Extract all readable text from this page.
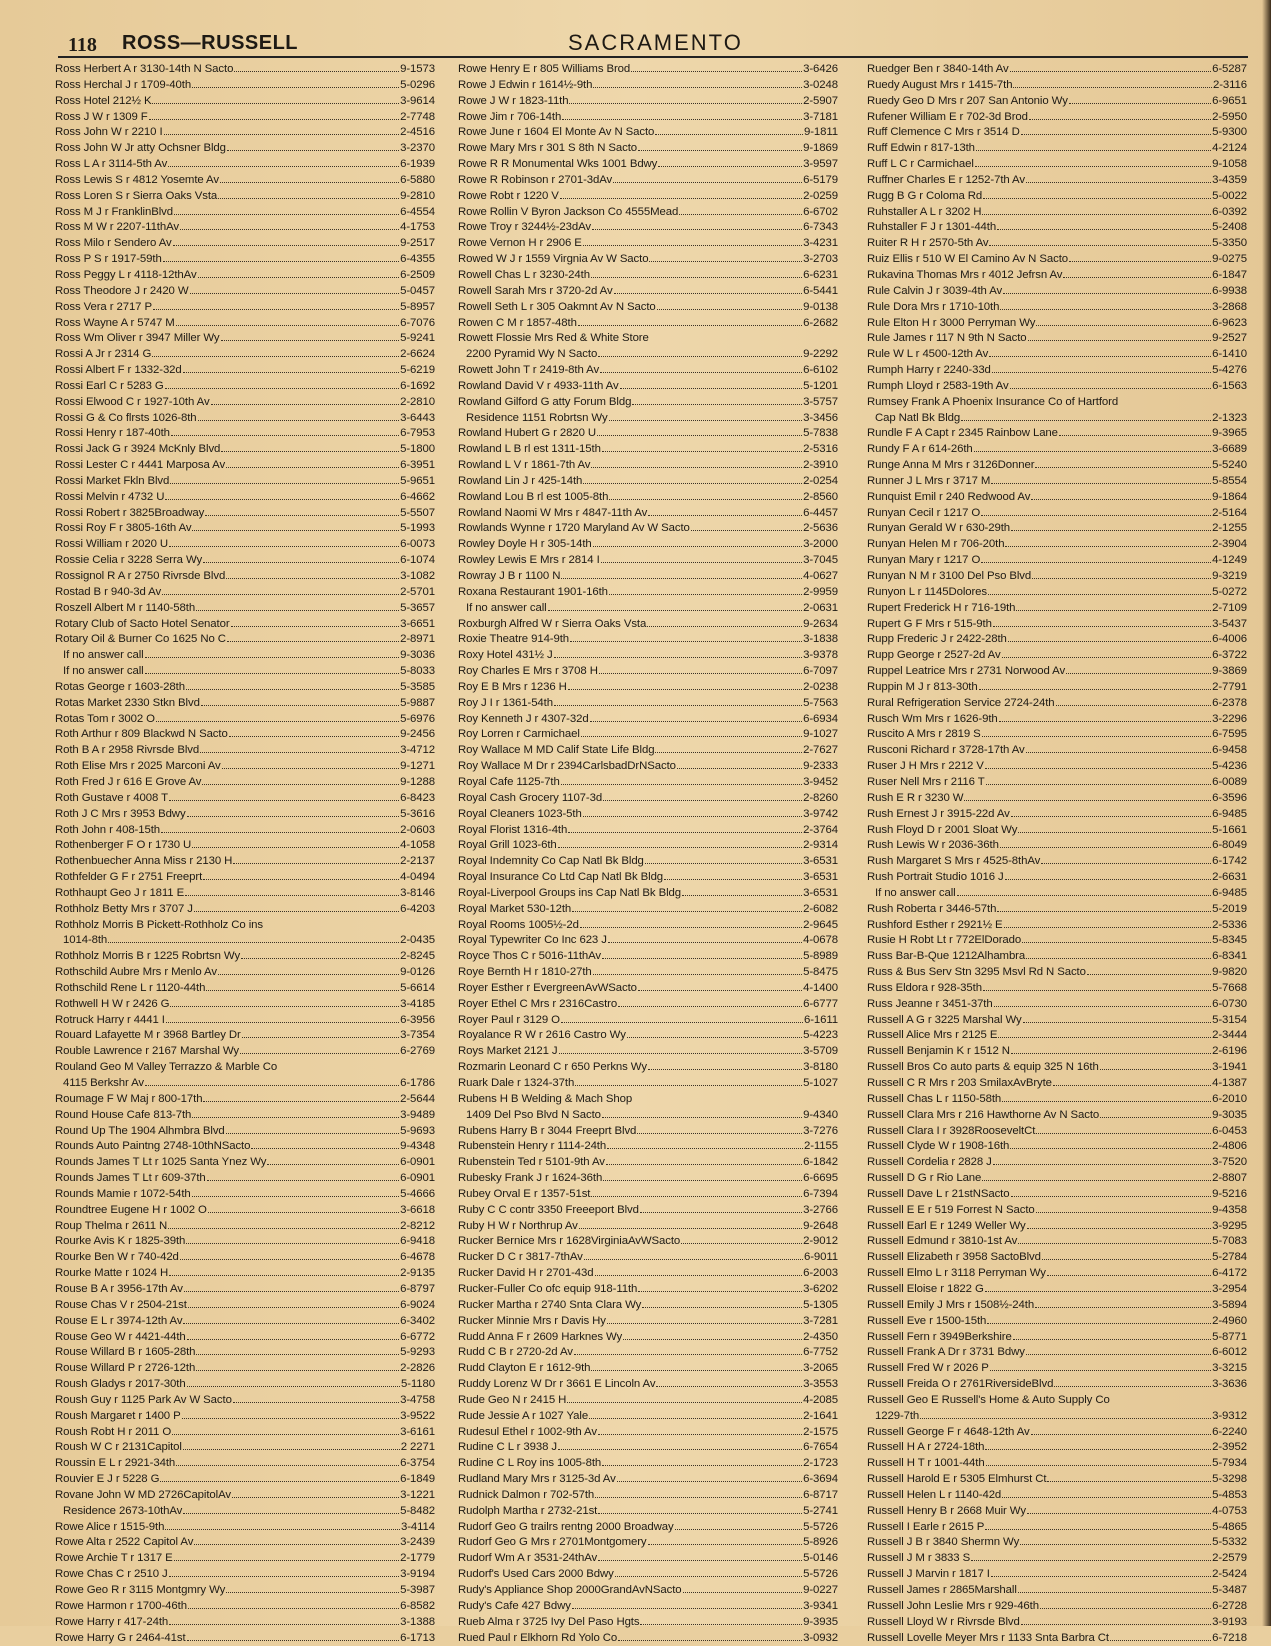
118 ROSS—RUSSELL	SACRAMENTO
Ross Herbert A r 3130-14th N Sacto	9-1573
Ross Herchal J r 1709-40th	5-0296
Ross Hotel 212½ K	3-9614
Ross J W r 1309 F	2-7748
Ross John W r 2210 I	2-4516
Ross John W Jr atty Ochsner Bldg	3-2370
Ross L A r 3114-5th Av	6-1939
Ross Lewis S r 4812 Yosemte Av	6-5880
Ross Loren S r Sierra Oaks Vsta	9-2810
Ross M J r FranklinBlvd	6-4554
Ross M W r 2207-11thAv	4-1753
Ross Milo r Sendero Av	9-2517
Ross P S r 1917-59th	6-4355
Ross Peggy L r 4118-12thAv	6-2509
Ross Theodore J r 2420 W	5-0457
Ross Vera r 2717 P	5-8957
Ross Wayne A r 5747 M	6-7076
Ross Wm Oliver r 3947 Miller Wy	5-9241
Rossi A Jr r 2314 G	2-6624
Rossi Albert F r 1332-32d	5-6219
Rossi Earl C r 5283 G	6-1692
Rossi Elwood C r 1927-10th Av	2-2810
Rossi G & Co flrsts 1026-8th	3-6443
Rossi Henry r 187-40th	6-7953
Rossi Jack G r 3924 McKnly Blvd	5-1800
Rossi Lester C r 4441 Marposa Av	6-3951
Rossi Market Fkln Blvd	5-9651
Rossi Melvin r 4732 U	6-4662
Rossi Robert r 3825Broadway	5-5507
Rossi Roy F r 3805-16th Av	5-1993
Rossi William r 2020 U	6-0073
Rossie Celia r 3228 Serra Wy	6-1074
Rossignol R A r 2750 Rivrsde Blvd	3-1082
Rostad B r 940-3d Av	2-5701
Roszell Albert M r 1140-58th	5-3657
Rotary Club of Sacto Hotel Senator	3-6651
Rotary Oil & Burner Co 1625 No C	2-8971
If no answer call	9-3036
If no answer call	5-8033
Rotas George r 1603-28th	5-3585
Rotas Market 2330 Stkn Blvd	5-9887
Rotas Tom r 3002 O	5-6976
Roth Arthur r 809 Blackwd N Sacto	9-2456
Roth B A r 2958 Rivrsde Blvd	3-4712
Roth Elise Mrs r 2025 Marconi Av	9-1271
Roth Fred J r 616 E Grove Av	9-1288
Roth Gustave r 4008 T	6-8423
Roth J C Mrs r 3953 Bdwy	5-3616
Roth John r 408-15th	2-0603
Rothenberger F O r 1730 U	4-1058
Rothenbuecher Anna Miss r 2130 H	2-2137
Rothfelder G F r 2751 Freeprt	4-0494
Rothhaupt Geo J r 1811 E	3-8146
Rothholz Betty Mrs r 3707 J	6-4203
Rothholz Morris B Pickett-Rothholz Co ins
1014-8th	2-0435
Rothholz Morris B r 1225 Robrtsn Wy	2-8245
Rothschild Aubre Mrs r Menlo Av	9-0126
Rothschild Rene L r 1120-44th	5-6614
Rothwell H W r 2426 G	3-4185
Rotruck Harry r 4441 I	6-3956
Rouard Lafayette M r 3968 Bartley Dr	3-7354
Rouble Lawrence r 2167 Marshal Wy	6-2769
Rouland Geo M Valley Terrazzo & Marble Co
4115 Berkshr Av	6-1786
Roumage F W Maj r 800-17th	2-5644
Round House Cafe 813-7th	3-9489
Round Up The 1904 Alhmbra Blvd	5-9693
Rounds Auto Paintng 2748-10thNSacto	9-4348
Rounds James T Lt r 1025 Santa Ynez Wy	6-0901
Rounds James T Lt r 609-37th	6-0901
Rounds Mamie r 1072-54th	5-4666
Roundtree Eugene H r 1002 O	3-6618
Roup Thelma r 2611 N	2-8212
Rourke Avis K r 1825-39th	6-9418
Rourke Ben W r 740-42d	6-4678
Rourke Matte r 1024 H	2-9135
Rouse B A r 3956-17th Av	6-8797
Rouse Chas V r 2504-21st	6-9024
Rouse E L r 3974-12th Av	6-3402
Rouse Geo W r 4421-44th	6-6772
Rouse Willard B r 1605-28th	5-9293
Rouse Willard P r 2726-12th	2-2826
Roush Gladys r 2017-30th	5-1180
Roush Guy r 1125 Park Av W Sacto	3-4758
Roush Margaret r 1400 P	3-9522
Roush Robt H r 2011 O	3-6161
Roush W C r 2131Capitol	2 2271
Roussin E L r 2921-34th	6-3754
Rouvier E J r 5228 G	6-1849
Rovane John W MD 2726CapitolAv	3-1221
Residence 2673-10thAv	5-8482
Rowe Alice r 1515-9th	3-4114
Rowe Alta r 2522 Capitol Av	3-2439
Rowe Archie T r 1317 E	2-1779
Rowe Chas C r 2510 J	3-9194
Rowe Geo R r 3115 Montgmry Wy	5-3987
Rowe Harmon r 1700-46th	6-8582
Rowe Harry r 417-24th	3-1388
Rowe Harry G r 2464-41st	6-1713
Rowe Henry E r 805 Williams Brod	3-6426
Rowe J Edwin r 1614½-9th	3-0248
Rowe J W r 1823-11th	2-5907
Rowe Jim r 706-14th	3-7181
Rowe June r 1604 El Monte Av N Sacto	9-1811
Rowe Mary Mrs r 301 S 8th N Sacto	9-1869
Rowe R R Monumental Wks 1001 Bdwy	3-9597
Rowe R Robinson r 2701-3dAv	6-5179
Rowe Robt r 1220 V	2-0259
Rowe Rollin V Byron Jackson Co 4555Mead	6-6702
Rowe Troy r 3244½-23dAv	6-7343
Rowe Vernon H r 2906 E	3-4231
Rowed W J r 1559 Virgnia Av W Sacto	3-2703
Rowell Chas L r 3230-24th	6-6231
Rowell Sarah Mrs r 3720-2d Av	6-5441
Rowell Seth L r 305 Oakmnt Av N Sacto	9-0138
Rowen C M r 1857-48th	6-2682
Rowett Flossie Mrs Red & White Store
2200 Pyramid Wy N Sacto	9-2292
Rowett John T r 2419-8th Av	6-6102
Rowland David V r 4933-11th Av	5-1201
Rowland Gilford G atty Forum Bldg	3-5757
Residence 1151 Robrtsn Wy	3-3456
Rowland Hubert G r 2820 U	5-7838
Rowland L B rl est 1311-15th	2-5316
Rowland L V r 1861-7th Av	2-3910
Rowland Lin J r 425-14th	2-0254
Rowland Lou B rl est 1005-8th	2-8560
Rowland Naomi W Mrs r 4847-11th Av	6-4457
Rowlands Wynne r 1720 Maryland Av W Sacto	2-5636
Rowley Doyle H r 305-14th	3-2000
Rowley Lewis E Mrs r 2814 I	3-7045
Rowray J B r 1100 N	4-0627
Roxana Restaurant 1901-16th	2-9959
If no answer call	2-0631
Roxburgh Alfred W r Sierra Oaks Vsta	9-2634
Roxie Theatre 914-9th	3-1838
Roxy Hotel 431½ J	3-9378
Roy Charles E Mrs r 3708 H	6-7097
Roy E B Mrs r 1236 H	2-0238
Roy J I r 1361-54th	5-7563
Roy Kenneth J r 4307-32d	6-6934
Roy Lorren r Carmichael	9-1027
Roy Wallace M MD Calif State Life Bldg	2-7627
Roy Wallace M Dr r 2394CarlsbadDrNSacto	9-2333
Royal Cafe 1125-7th	3-9452
Royal Cash Grocery 1107-3d	2-8260
Royal Cleaners 1023-5th	3-9742
Royal Florist 1316-4th	2-3764
Royal Grill 1023-6th	2-9314
Royal Indemnity Co Cap Natl Bk Bldg	3-6531
Royal Insurance Co Ltd Cap Natl Bk Bldg	3-6531
Royal-Liverpool Groups ins Cap Natl Bk Bldg	3-6531
Royal Market 530-12th	2-6082
Royal Rooms 1005½-2d	2-9645
Royal Typewriter Co Inc 623 J	4-0678
Royce Thos C r 5016-11thAv	5-8989
Roye Bernth H r 1810-27th	5-8475
Royer Esther r EvergreenAvWSacto	4-1400
Royer Ethel C Mrs r 2316Castro	6-6777
Royer Paul r 3129 O	6-1611
Royalance R W r 2616 Castro Wy	5-4223
Roys Market 2121 J	3-5709
Rozmarin Leonard C r 650 Perkns Wy	3-8180
Ruark Dale r 1324-37th	5-1027
Rubens H B Welding & Mach Shop
1409 Del Pso Blvd N Sacto	9-4340
Rubens Harry B r 3044 Freeprt Blvd	3-7276
Rubenstein Henry r 1114-24th	2-1155
Rubenstein Ted r 5101-9th Av	6-1842
Rubesky Frank J r 1624-36th	6-6695
Rubey Orval E r 1357-51st	6-7394
Ruby C C contr 3350 Freeeport Blvd	3-2766
Ruby H W r Northrup Av	9-2648
Rucker Bernice Mrs r 1628VirginiaAvWSacto	2-9012
Rucker D C r 3817-7thAv	6-9011
Rucker David H r 2701-43d	6-2003
Rucker-Fuller Co ofc equip 918-11th	3-6202
Rucker Martha r 2740 Snta Clara Wy	5-1305
Rucker Minnie Mrs r Davis Hy	3-7281
Rudd Anna F r 2609 Harknes Wy	2-4350
Rudd C B r 2720-2d Av	6-7752
Rudd Clayton E r 1612-9th	3-2065
Ruddy Lorenz W Dr r 3661 E Lincoln Av	3-3553
Rude Geo N r 2415 H	4-2085
Rude Jessie A r 1027 Yale	2-1641
Rudesul Ethel r 1002-9th Av	2-1575
Rudine C L r 3938 J	6-7654
Rudine C L Roy ins 1005-8th	2-1723
Rudland Mary Mrs r 3125-3d Av	6-3694
Rudnick Dalmon r 702-57th	6-8717
Rudolph Martha r 2732-21st	5-2741
Rudorf Geo G trailrs rentng 2000 Broadway	5-5726
Rudorf Geo G Mrs r 2701Montgomery	5-8926
Rudorf Wm A r 3531-24thAv	5-0146
Rudorf's Used Cars 2000 Bdwy	5-5726
Rudy's Appliance Shop 2000GrandAvNSacto	9-0227
Rudy's Cafe 427 Bdwy	3-9341
Rueb Alma r 3725 Ivy Del Paso Hgts	9-3935
Rued Paul r Elkhorn Rd Yolo Co	3-0932
Ruedger Ben r 3840-14th Av	6-5287
Ruedy August Mrs r 1415-7th	2-3116
Ruedy Geo D Mrs r 207 San Antonio Wy	6-9651
Rufener William E r 702-3d Brod	2-5950
Ruff Clemence C Mrs r 3514 D	5-9300
Ruff Edwin r 817-13th	4-2124
Ruff L C r Carmichael	9-1058
Ruffner Charles E r 1252-7th Av	3-4359
Rugg B G r Coloma Rd	5-0022
Ruhstaller A L r 3202 H	6-0392
Ruhstaller F J r 1301-44th	5-2408
Ruiter R H r 2570-5th Av	5-3350
Ruiz Ellis r 510 W El Camino Av N Sacto	9-0275
Rukavina Thomas Mrs r 4012 Jefrsn Av	6-1847
Rule Calvin J r 3039-4th Av	6-9938
Rule Dora Mrs r 1710-10th	3-2868
Rule Elton H r 3000 Perryman Wy	6-9623
Rule James r 117 N 9th N Sacto	9-2527
Rule W L r 4500-12th Av	6-1410
Rumph Harry r 2240-33d	5-4276
Rumph Lloyd r 2583-19th Av	6-1563
Rumsey Frank A Phoenix Insurance Co of Hartford
Cap Natl Bk Bldg	2-1323
Rundle F A Capt r 2345 Rainbow Lane	9-3965
Rundy F A r 614-26th	3-6689
Runge Anna M Mrs r 3126Donner	5-5240
Runner J L Mrs r 3717 M	5-8554
Runquist Emil r 240 Redwood Av	9-1864
Runyan Cecil r 1217 O	2-5164
Runyan Gerald W r 630-29th	2-1255
Runyan Helen M r 706-20th	2-3904
Runyan Mary r 1217 O	4-1249
Runyan N M r 3100 Del Pso Blvd	9-3219
Runyon L r 1145Dolores	5-0272
Rupert Frederick H r 716-19th	2-7109
Rupert G F Mrs r 515-9th	3-5437
Rupp Frederic J r 2422-28th	6-4006
Rupp George r 2527-2d Av	6-3722
Ruppel Leatrice Mrs r 2731 Norwood Av	9-3869
Ruppin M J r 813-30th	2-7791
Rural Refrigeration Service 2724-24th	6-2378
Rusch Wm Mrs r 1626-9th	3-2296
Ruscito A Mrs r 2819 S	6-7595
Rusconi Richard r 3728-17th Av	6-9458
Ruser J H Mrs r 2212 V	5-4236
Ruser Nell Mrs r 2116 T	6-0089
Rush E R r 3230 W	6-3596
Rush Ernest J r 3915-22d Av	6-9485
Rush Floyd D r 2001 Sloat Wy	5-1661
Rush Lewis W r 2036-36th	6-8049
Rush Margaret S Mrs r 4525-8thAv	6-1742
Rush Portrait Studio 1016 J	2-6631
If no answer call	6-9485
Rush Roberta r 3446-57th	5-2019
Rushford Esther r 2921½ E	2-5336
Rusie H Robt Lt r 772ElDorado	5-8345
Russ Bar-B-Que 1212Alhambra	6-8341
Russ & Bus Serv Stn 3295 Msvl Rd N Sacto	9-9820
Russ Eldora r 928-35th	5-7668
Russ Jeanne r 3451-37th	6-0730
Russell A G r 3225 Marshal Wy	5-3154
Russell Alice Mrs r 2125 E	2-3444
Russell Benjamin K r 1512 N	2-6196
Russell Bros Co auto parts & equip 325 N 16th	3-1941
Russell C R Mrs r 203 SmilaxAvBryte	4-1387
Russell Chas L r 1150-58th	6-2010
Russell Clara Mrs r 216 Hawthorne Av N Sacto	9-3035
Russell Clara I r 3928RooseveltCt	6-0453
Russell Clyde W r 1908-16th	2-4806
Russell Cordelia r 2828 J	3-7520
Russell D G r Rio Lane	2-8807
Russell Dave L r 21stNSacto	9-5216
Russell E E r 519 Forrest N Sacto	9-4358
Russell Earl E r 1249 Weller Wy	3-9295
Russell Edmund r 3810-1st Av	5-7083
Russell Elizabeth r 3958 SactoBlvd	5-2784
Russell Elmo L r 3118 Perryman Wy	6-4172
Russell Eloise r 1822 G	3-2954
Russell Emily J Mrs r 1508½-24th	3-5894
Russell Eve r 1500-15th	2-4960
Russell Fern r 3949Berkshire	5-8771
Russell Frank A Dr r 3731 Bdwy	6-6012
Russell Fred W r 2026 P	3-3215
Russell Freida O r 2761RiversideBlvd	3-3636
Russell Geo E Russell's Home & Auto Supply Co
1229-7th	3-9312
Russell George F r 4648-12th Av	6-2240
Russell H A r 2724-18th	2-3952
Russell H T r 1001-44th	5-7934
Russell Harold E r 5305 Elmhurst Ct	5-3298
Russell Helen L r 1140-42d	5-4853
Russell Henry B r 2668 Muir Wy	4-0753
Russell I Earle r 2615 P	5-4865
Russell J B r 3840 Shermn Wy	5-5332
Russell J M r 3833 S	2-2579
Russell J Marvin r 1817 I	2-5424
Russell James r 2865Marshall	5-3487
Russell John Leslie Mrs r 929-46th	6-2728
Russell Lloyd W r Rivrsde Blvd	3-9193
Russell Lovelle Meyer Mrs r 1133 Snta Barbra Ct	6-7218
